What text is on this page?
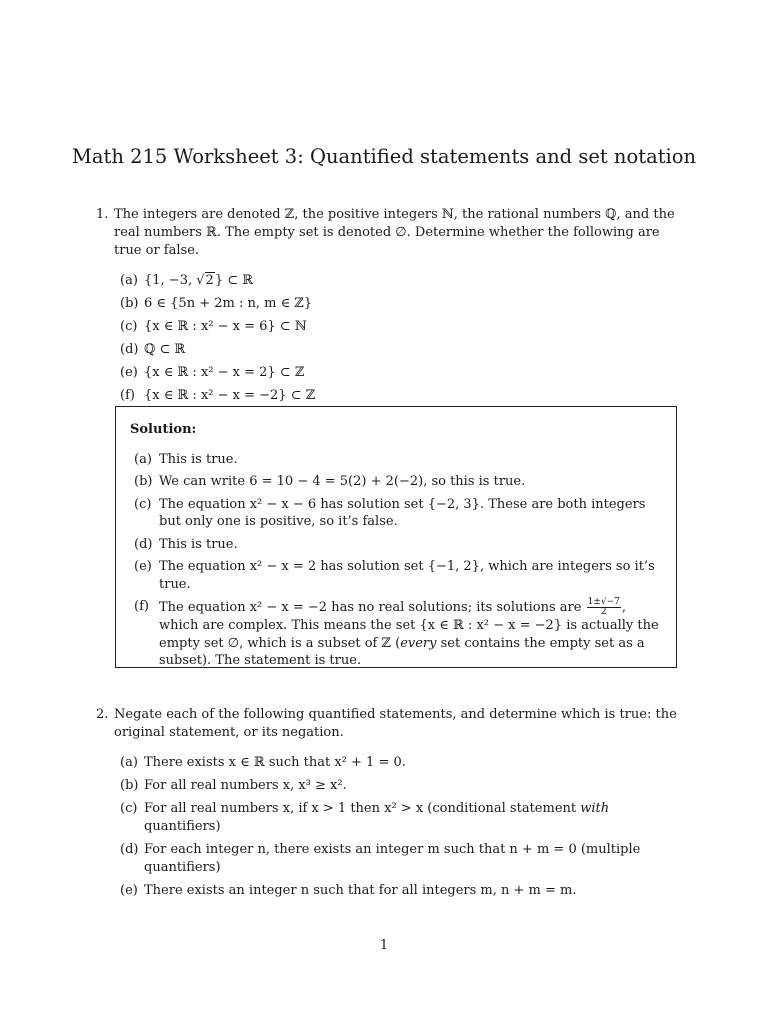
Math 215 Worksheet 3: Quantified statements and set notation
1. The integers are denoted ℤ, the positive integers ℕ, the rational numbers ℚ, and the real numbers ℝ. The empty set is denoted ∅. Determine whether the following are true or false.
(a) {1, −3, √2} ⊂ ℝ
(b) 6 ∈ {5n + 2m : n, m ∈ ℤ}
(c) {x ∈ ℝ : x² − x = 6} ⊂ ℕ
(d) ℚ ⊂ ℝ
(e) {x ∈ ℝ : x² − x = 2} ⊂ ℤ
(f) {x ∈ ℝ : x² − x = −2} ⊂ ℤ
Solution:
(a) This is true.
(b) We can write 6 = 10 − 4 = 5(2) + 2(−2), so this is true.
(c) The equation x² − x − 6 has solution set {−2, 3}. These are both integers but only one is positive, so it’s false.
(d) This is true.
(e) The equation x² − x = 2 has solution set {−1, 2}, which are integers so it’s true.
(f) The equation x² − x = −2 has no real solutions; its solutions are $\frac{1\pm√-7}{2}$ , which are complex. This means the set {x ∈ ℝ : x² − x = −2} is actually the empty set ∅, which is a subset of ℤ (every set contains the empty set as a subset). The statement is true.
2. Negate each of the following quantified statements, and determine which is true: the original statement, or its negation.
(a) There exists x ∈ ℝ such that x² + 1 = 0.
(b) For all real numbers x, x³ ≥ x².
(c) For all real numbers x, if x > 1 then x² > x (conditional statement with quantifiers)
(d) For each integer n, there exists an integer m such that n + m = 0 (multiple quantifiers)
(e) There exists an integer n such that for all integers m, n + m = m.
1
